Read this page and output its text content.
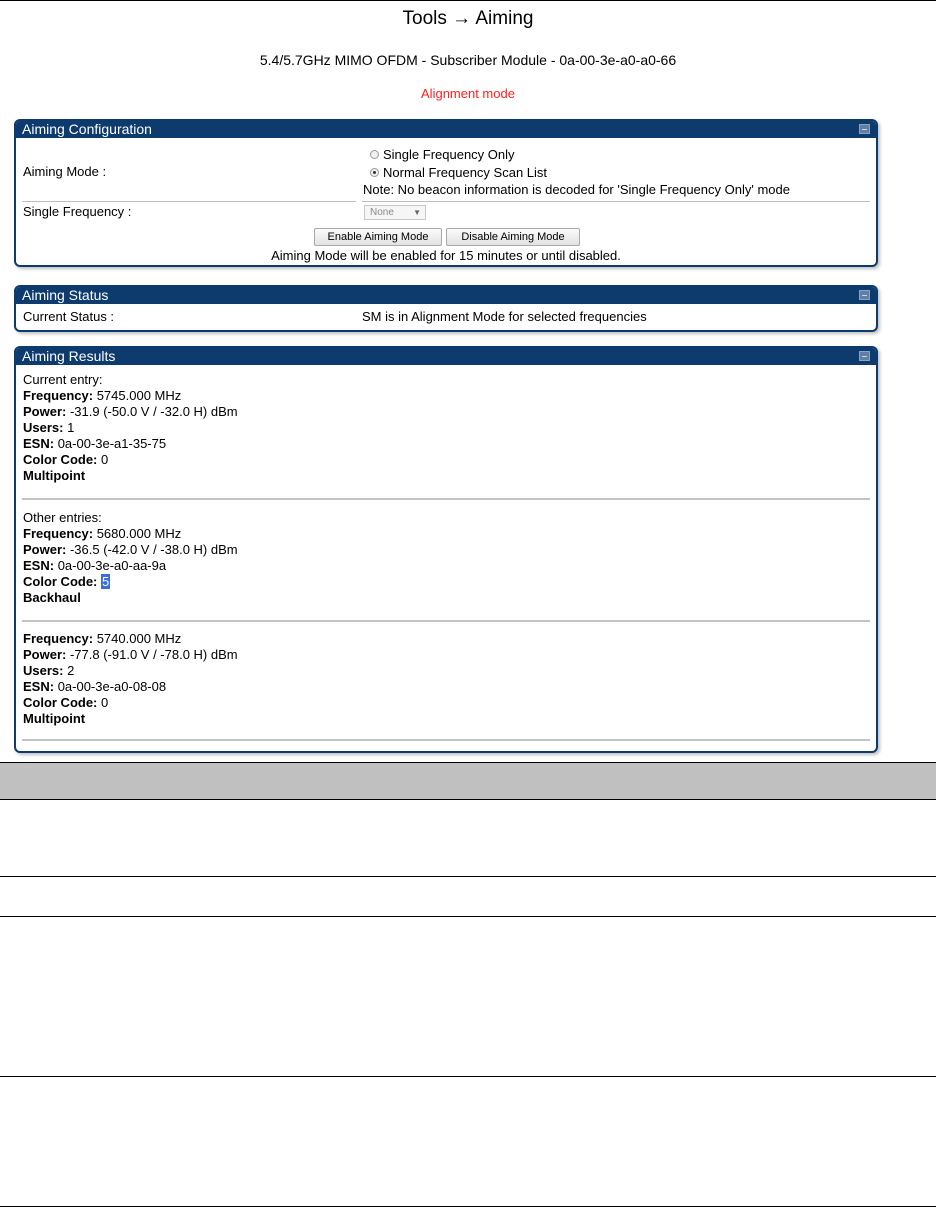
Tools → Aiming
5.4/5.7GHz MIMO OFDM - Subscriber Module - 0a-00-3e-a0-a0-66
Alignment mode
Aiming Configuration
Aiming Mode :
Single Frequency Only
Normal Frequency Scan List
Note: No beacon information is decoded for 'Single Frequency Only' mode
Single Frequency :	None ▼
Enable Aiming Mode	Disable Aiming Mode
Aiming Mode will be enabled for 15 minutes or until disabled.
Aiming Status
Current Status :	SM is in Alignment Mode for selected frequencies
Aiming Results
Current entry:
Frequency: 5745.000 MHz
Power: -31.9 (-50.0 V / -32.0 H) dBm
Users: 1
ESN: 0a-00-3e-a1-35-75
Color Code: 0
Multipoint
Other entries:
Frequency: 5680.000 MHz
Power: -36.5 (-42.0 V / -38.0 H) dBm
ESN: 0a-00-3e-a0-aa-9a
Color Code: 5
Backhaul
Frequency: 5740.000 MHz
Power: -77.8 (-91.0 V / -78.0 H) dBm
Users: 2
ESN: 0a-00-3e-a0-08-08
Color Code: 0
Multipoint
